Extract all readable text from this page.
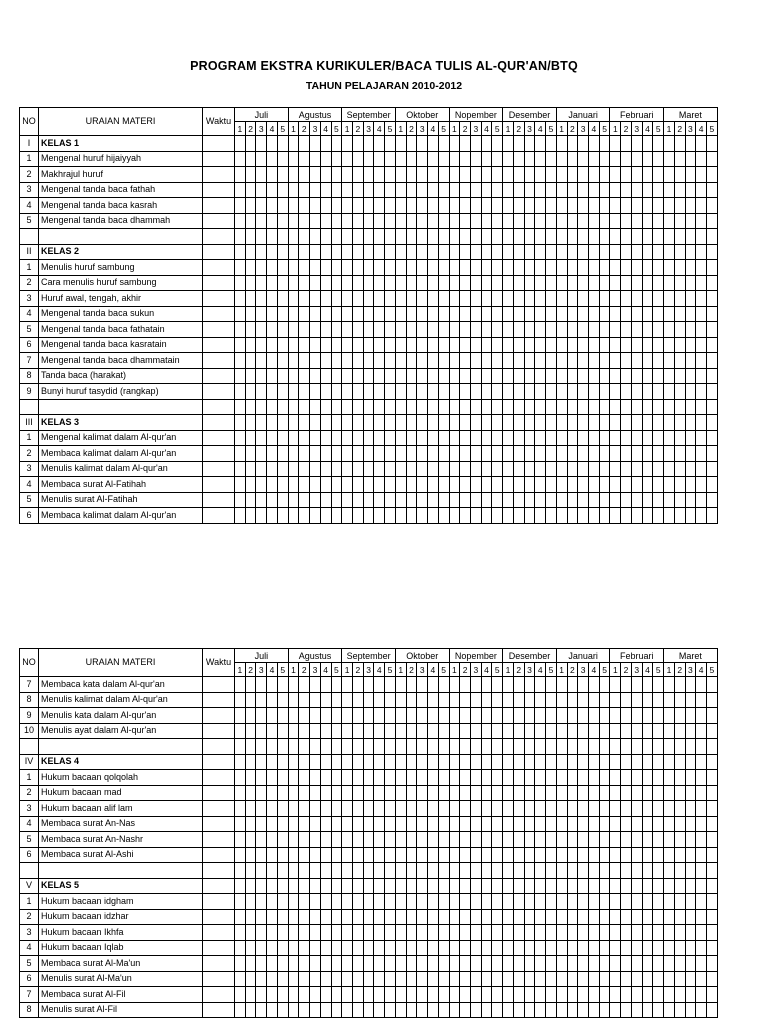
PROGRAM EKSTRA KURIKULER/BACA TULIS AL-QUR'AN/BTQ
TAHUN PELAJARAN 2010-2012
NO	URAIAN MATERI	Waktu	Juli					Agustus					September					Oktober					Nopember					Desember					Januari					Februari					Maret				
			1	2	3	4	5	1	2	3	4	5	1	2	3	4	5	1	2	3	4	5	1	2	3	4	5	1	2	3	4	5	1	2	3	4	5	1	2	3	4	5	1	2	3	4	5
I	KELAS 1																																														
1	Mengenal huruf hijaiyyah																																														
2	Makhrajul huruf																																														
3	Mengenal tanda baca fathah																																														
4	Mengenal tanda baca kasrah																																														
5	Mengenal tanda baca dhammah																																														

II	KELAS 2																																														
1	Menulis huruf sambung																																														
2	Cara menulis huruf sambung																																														
3	Huruf awal, tengah, akhir																																														
4	Mengenal tanda baca sukun																																														
5	Mengenal tanda baca fathatain																																														
6	Mengenal tanda baca kasratain																																														
7	Mengenal tanda baca dhammatain																																														
8	Tanda baca (harakat)																																														
9	Bunyi huruf tasydid (rangkap)																																														

III	KELAS 3																																														
1	Mengenal kalimat dalam Al-qur'an																																														
2	Membaca kalimat dalam Al-qur'an																																														
3	Menulis kalimat dalam Al-qur'an																																														
4	Membaca surat Al-Fatihah																																														
5	Menulis surat Al-Fatihah																																														
6	Membaca kalimat dalam Al-qur'an																																														
NO	URAIAN MATERI	Waktu	Juli					Agustus					September					Oktober					Nopember					Desember					Januari					Februari					Maret				
			1	2	3	4	5	1	2	3	4	5	1	2	3	4	5	1	2	3	4	5	1	2	3	4	5	1	2	3	4	5	1	2	3	4	5	1	2	3	4	5	1	2	3	4	5
7	Membaca kata dalam Al-qur'an																																														
8	Menulis kalimat dalam Al-qur'an																																														
9	Menulis kata dalam Al-qur'an																																														
10	Menulis ayat dalam Al-qur'an																																														

IV	KELAS 4																																														
1	Hukum bacaan qolqolah																																														
2	Hukum bacaan mad																																														
3	Hukum bacaan alif lam																																														
4	Membaca surat An-Nas																																														
5	Membaca surat An-Nashr																																														
6	Membaca surat Al-Ashi																																														

V	KELAS 5																																														
1	Hukum bacaan idgham																																														
2	Hukum bacaan idzhar																																														
3	Hukum bacaan Ikhfa																																														
4	Hukum bacaan Iqlab																																														
5	Membaca surat Al-Ma'un																																														
6	Menulis surat Al-Ma'un																																														
7	Membaca surat Al-Fil																																														
8	Menulis surat Al-Fil																																														
